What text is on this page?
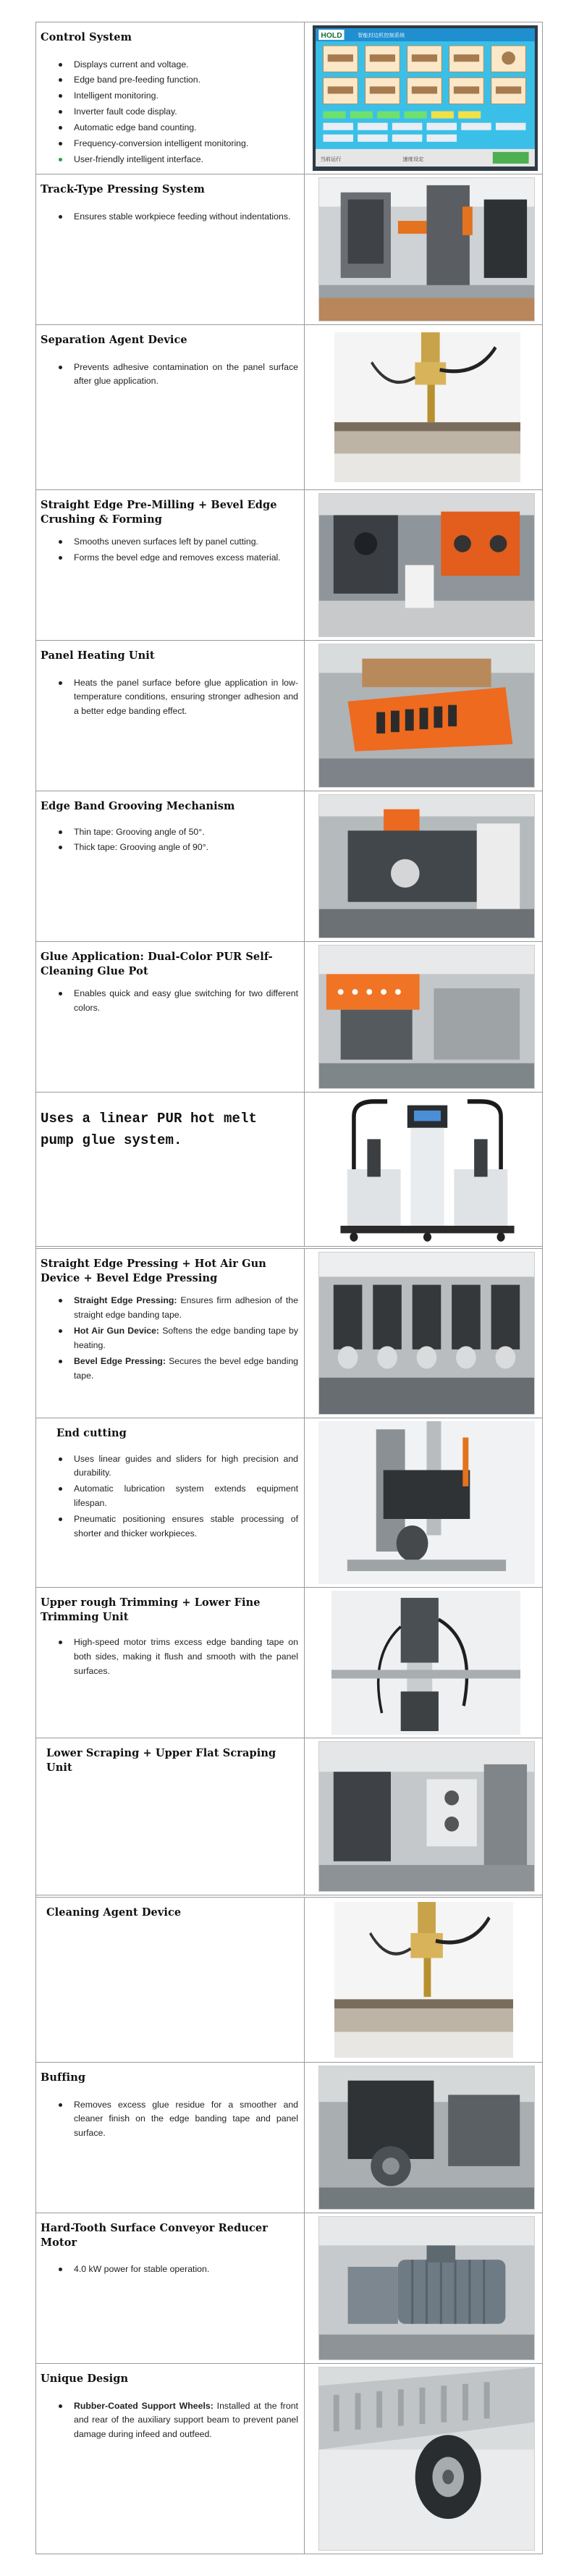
Control System
Displays current and voltage.
Edge band pre-feeding function.
Intelligent monitoring.
Inverter fault code display.
Automatic edge band counting.
Frequency-conversion intelligent monitoring.
User-friendly intelligent interface.
HOLD	智能封边机控制系统
当前运行	速度设定
Track-Type Pressing System
Ensures stable workpiece feeding without indentations.
Separation Agent Device
Prevents adhesive contamination on the panel surface after glue application.
Straight Edge Pre-Milling + Bevel Edge Crushing & Forming
Smooths uneven surfaces left by panel cutting.
Forms the bevel edge and removes excess material.
Panel Heating Unit
Heats the panel surface before glue application in low-temperature conditions, ensuring stronger adhesion and a better edge banding effect.
Edge Band Grooving Mechanism
Thin tape: Grooving angle of 50°.
Thick tape: Grooving angle of 90°.
Glue Application: Dual-Color PUR Self-Cleaning Glue Pot
Enables quick and easy glue switching for two different colors.
Uses a linear PUR hot melt pump glue system.
Straight Edge Pressing + Hot Air Gun Device + Bevel Edge Pressing
Straight Edge Pressing: Ensures firm adhesion of the straight edge banding tape.
Hot Air Gun Device: Softens the edge banding tape by heating.
Bevel Edge Pressing: Secures the bevel edge banding tape.
End cutting
Uses linear guides and sliders for high precision and durability.
Automatic lubrication system extends equipment lifespan.
Pneumatic positioning ensures stable processing of shorter and thicker workpieces.
Upper rough Trimming + Lower Fine Trimming Unit
High-speed motor trims excess edge banding tape on both sides, making it flush and smooth with the panel surfaces.
Lower Scraping + Upper Flat Scraping Unit
Cleaning Agent Device
Buffing
Removes excess glue residue for a smoother and cleaner finish on the edge banding tape and panel surface.
Hard-Tooth Surface Conveyor Reducer Motor
4.0 kW power for stable operation.
Unique Design
Rubber-Coated Support Wheels: Installed at the front and rear of the auxiliary support beam to prevent panel damage during infeed and outfeed.
